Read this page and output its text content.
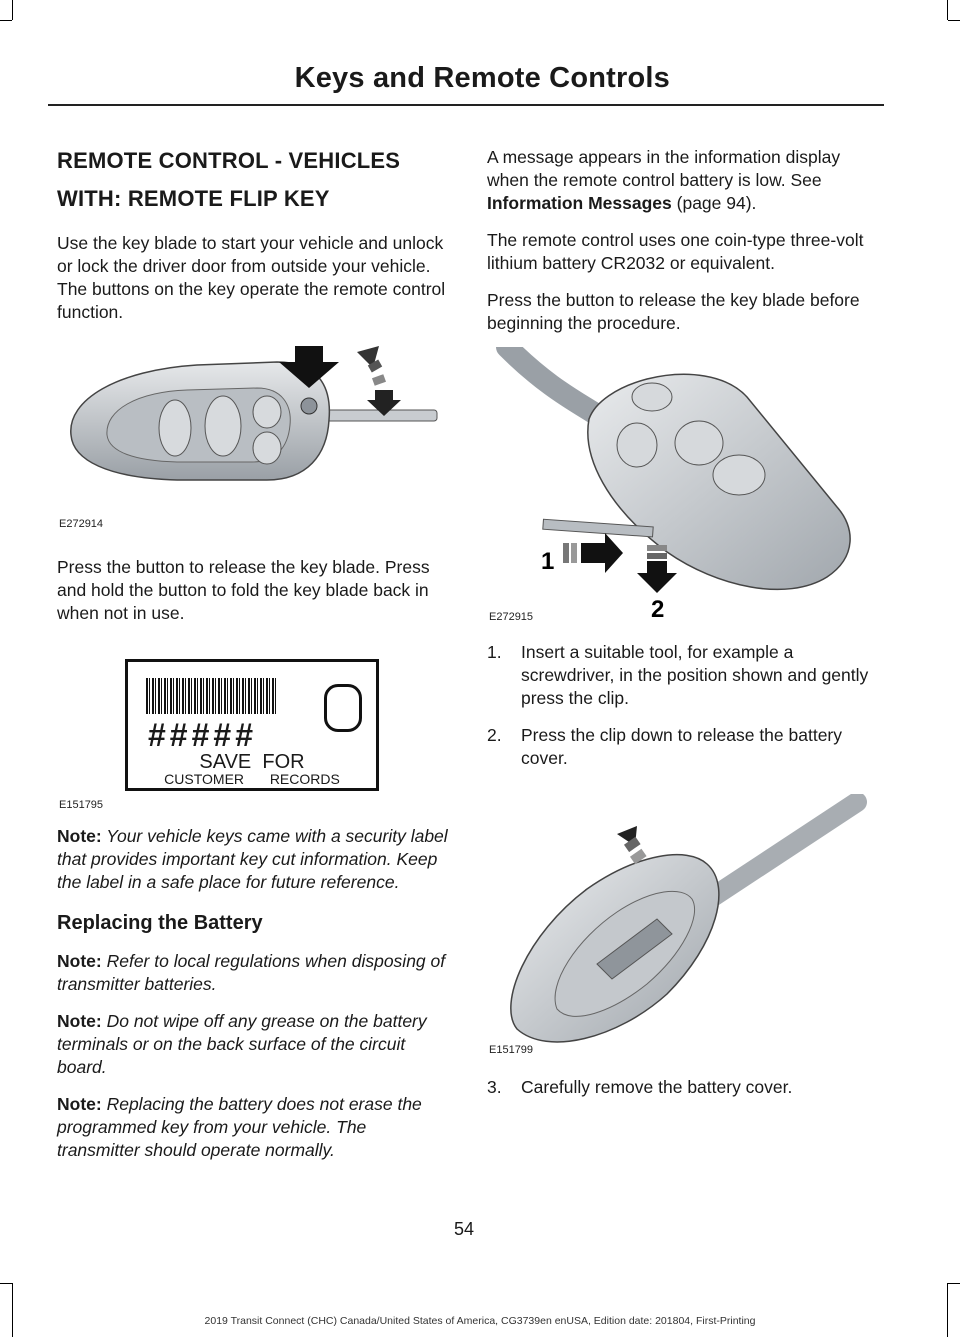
Keys and Remote Controls
REMOTE CONTROL - VEHICLES
WITH: REMOTE FLIP KEY

Use the key blade to start your vehicle and unlock or lock the driver door from outside your vehicle. The buttons on the key operate the remote control function.

E272914

Press the button to release the key blade. Press and hold the button to fold the key blade back in when not in use.

#####
SAVE  FOR
CUSTOMER RECORDS
E151795

Note: Your vehicle keys came with a security label that provides important key cut information. Keep the label in a safe place for future reference.

Replacing the Battery

Note: Refer to local regulations when disposing of transmitter batteries.

Note: Do not wipe off any grease on the battery terminals or on the back surface of the circuit board.

Note: Replacing the battery does not erase the programmed key from your vehicle. The transmitter should operate normally.

A message appears in the information display when the remote control battery is low. See Information Messages (page 94).

The remote control uses one coin-type three-volt lithium battery CR2032 or equivalent.

Press the button to release the key blade before beginning the procedure.

1
2
E272915
1. Insert a suitable tool, for example a screwdriver, in the position shown and gently press the clip.
2. Press the clip down to release the battery cover.
E151799
3. Carefully remove the battery cover.
54
2019 Transit Connect (CHC) Canada/United States of America, CG3739en enUSA, Edition date: 201804, First-Printing
